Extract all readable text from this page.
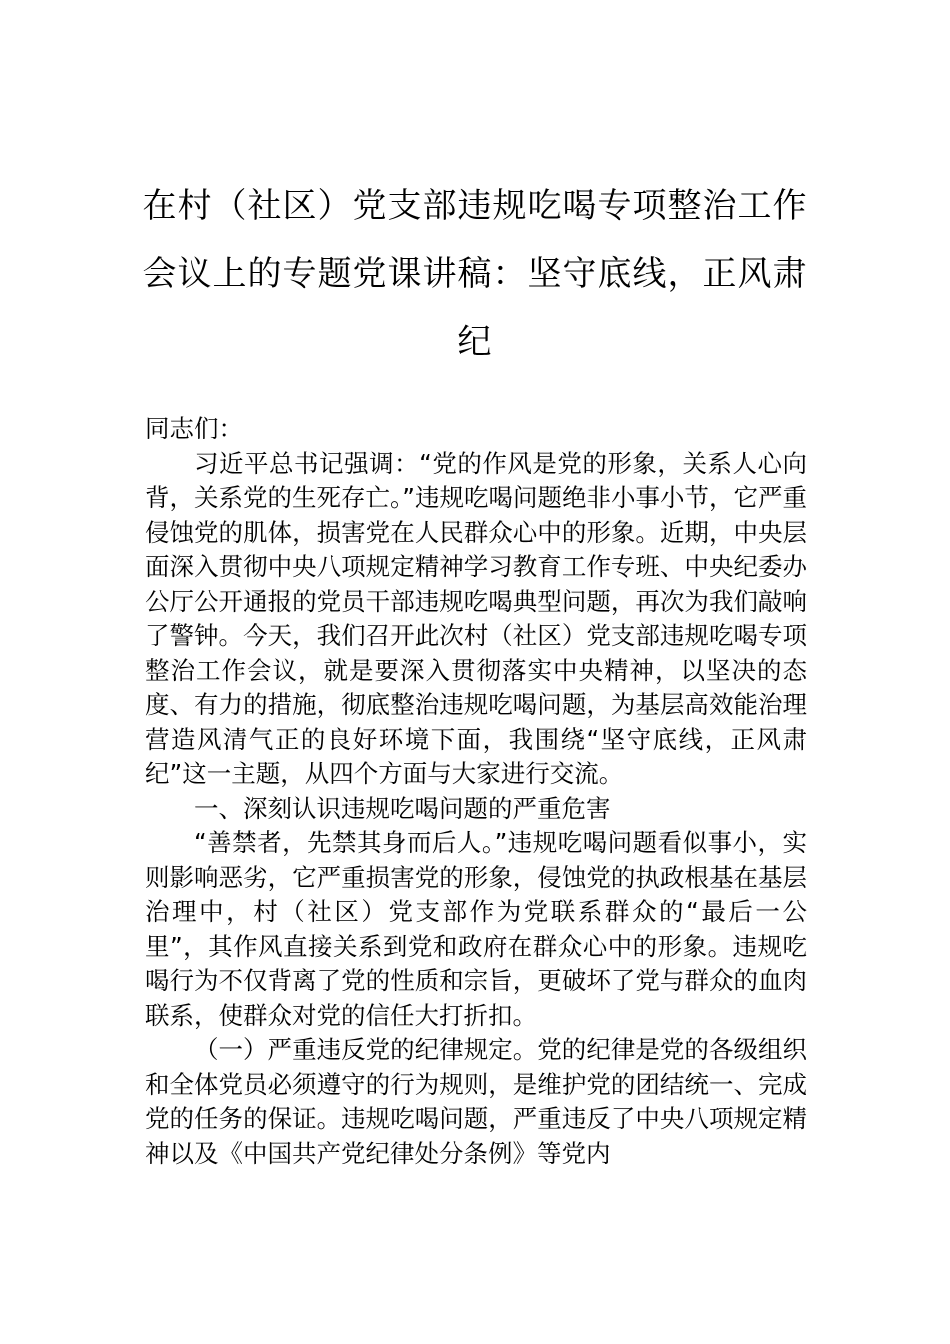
在村（社区）党支部违规吃喝专项整治工作会议上的专题党课讲稿：坚守底线，正风肃纪

同志们：

习近平总书记强调：“党的作风是党的形象，关系人心向背，关系党的生死存亡。”违规吃喝问题绝非小事小节，它严重侵蚀党的肌体，损害党在人民群众心中的形象。近期，中央层面深入贯彻中央八项规定精神学习教育工作专班、中央纪委办公厅公开通报的党员干部违规吃喝典型问题，再次为我们敲响了警钟。今天，我们召开此次村（社区）党支部违规吃喝专项整治工作会议，就是要深入贯彻落实中央精神，以坚决的态度、有力的措施，彻底整治违规吃喝问题，为基层高效能治理营造风清气正的良好环境下面，我围绕“坚守底线，正风肃纪”这一主题，从四个方面与大家进行交流。

一、深刻认识违规吃喝问题的严重危害

“善禁者，先禁其身而后人。”违规吃喝问题看似事小，实则影响恶劣，它严重损害党的形象，侵蚀党的执政根基在基层治理中，村（社区）党支部作为党联系群众的“最后一公里”，其作风直接关系到党和政府在群众心中的形象。违规吃喝行为不仅背离了党的性质和宗旨，更破坏了党与群众的血肉联系，使群众对党的信任大打折扣。

（一）严重违反党的纪律规定。党的纪律是党的各级组织和全体党员必须遵守的行为规则，是维护党的团结统一、完成党的任务的保证。违规吃喝问题，严重违反了中央八项规定精神以及《中国共产党纪律处分条例》等党内
